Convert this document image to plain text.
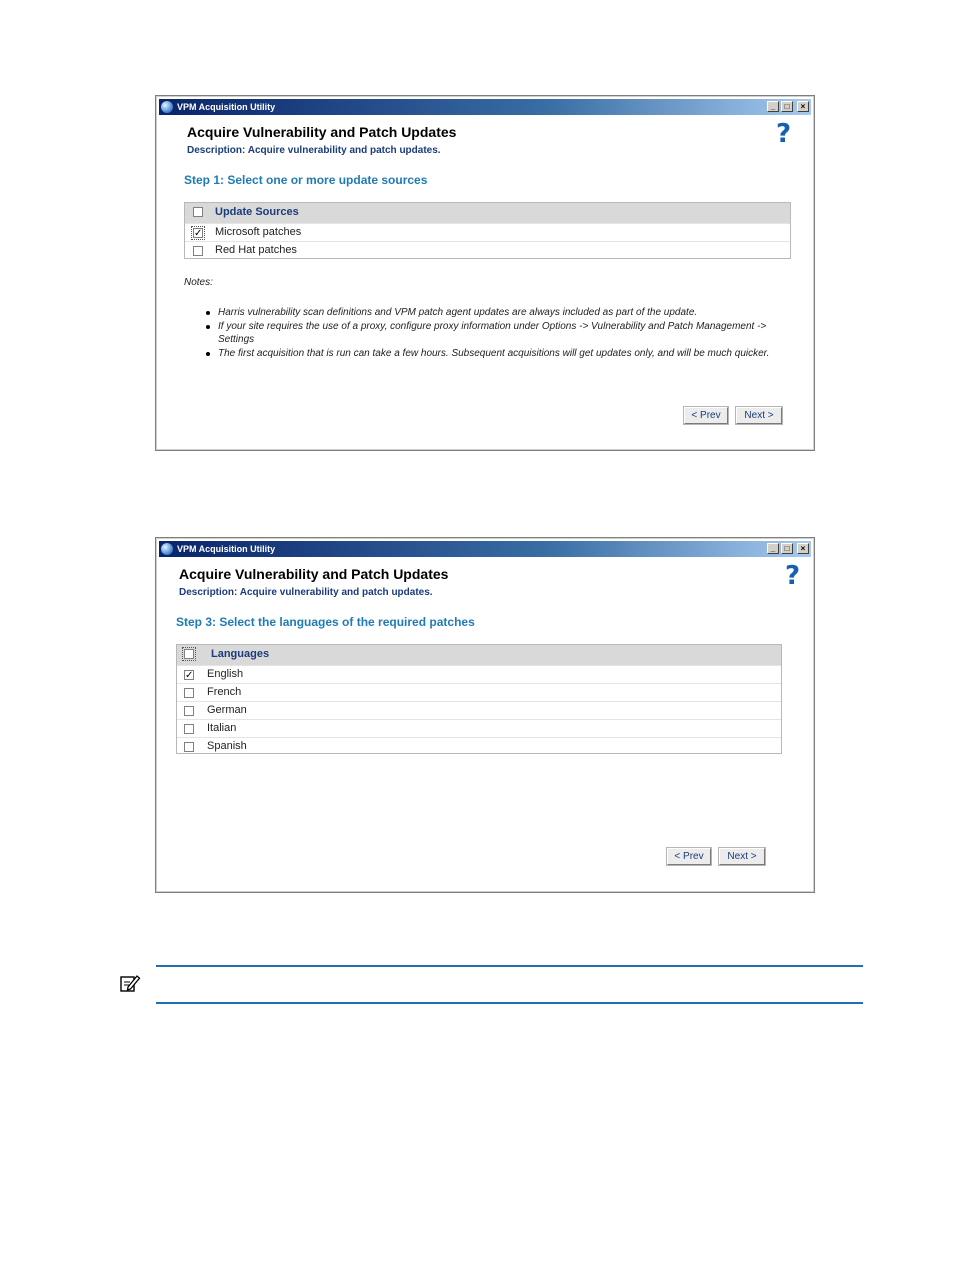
VPM Acquisition Utility	_	□	×
Acquire Vulnerability and Patch Updates
Description: Acquire vulnerability and patch updates.
?
Step 1: Select one or more update sources
Update Sources
✓ Microsoft patches
Red Hat patches
Notes:
Harris vulnerability scan definitions and VPM patch agent updates are always included as part of the update.
If your site requires the use of a proxy, configure proxy information under Options -> Vulnerability and Patch Management -> Settings
The first acquisition that is run can take a few hours. Subsequent acquisitions will get updates only, and will be much quicker.
< Prev	Next >
VPM Acquisition Utility	_	□	×
Acquire Vulnerability and Patch Updates
Description: Acquire vulnerability and patch updates.
?
Step 3: Select the languages of the required patches
Languages
✓ English
French
German
Italian
Spanish
< Prev	Next >
